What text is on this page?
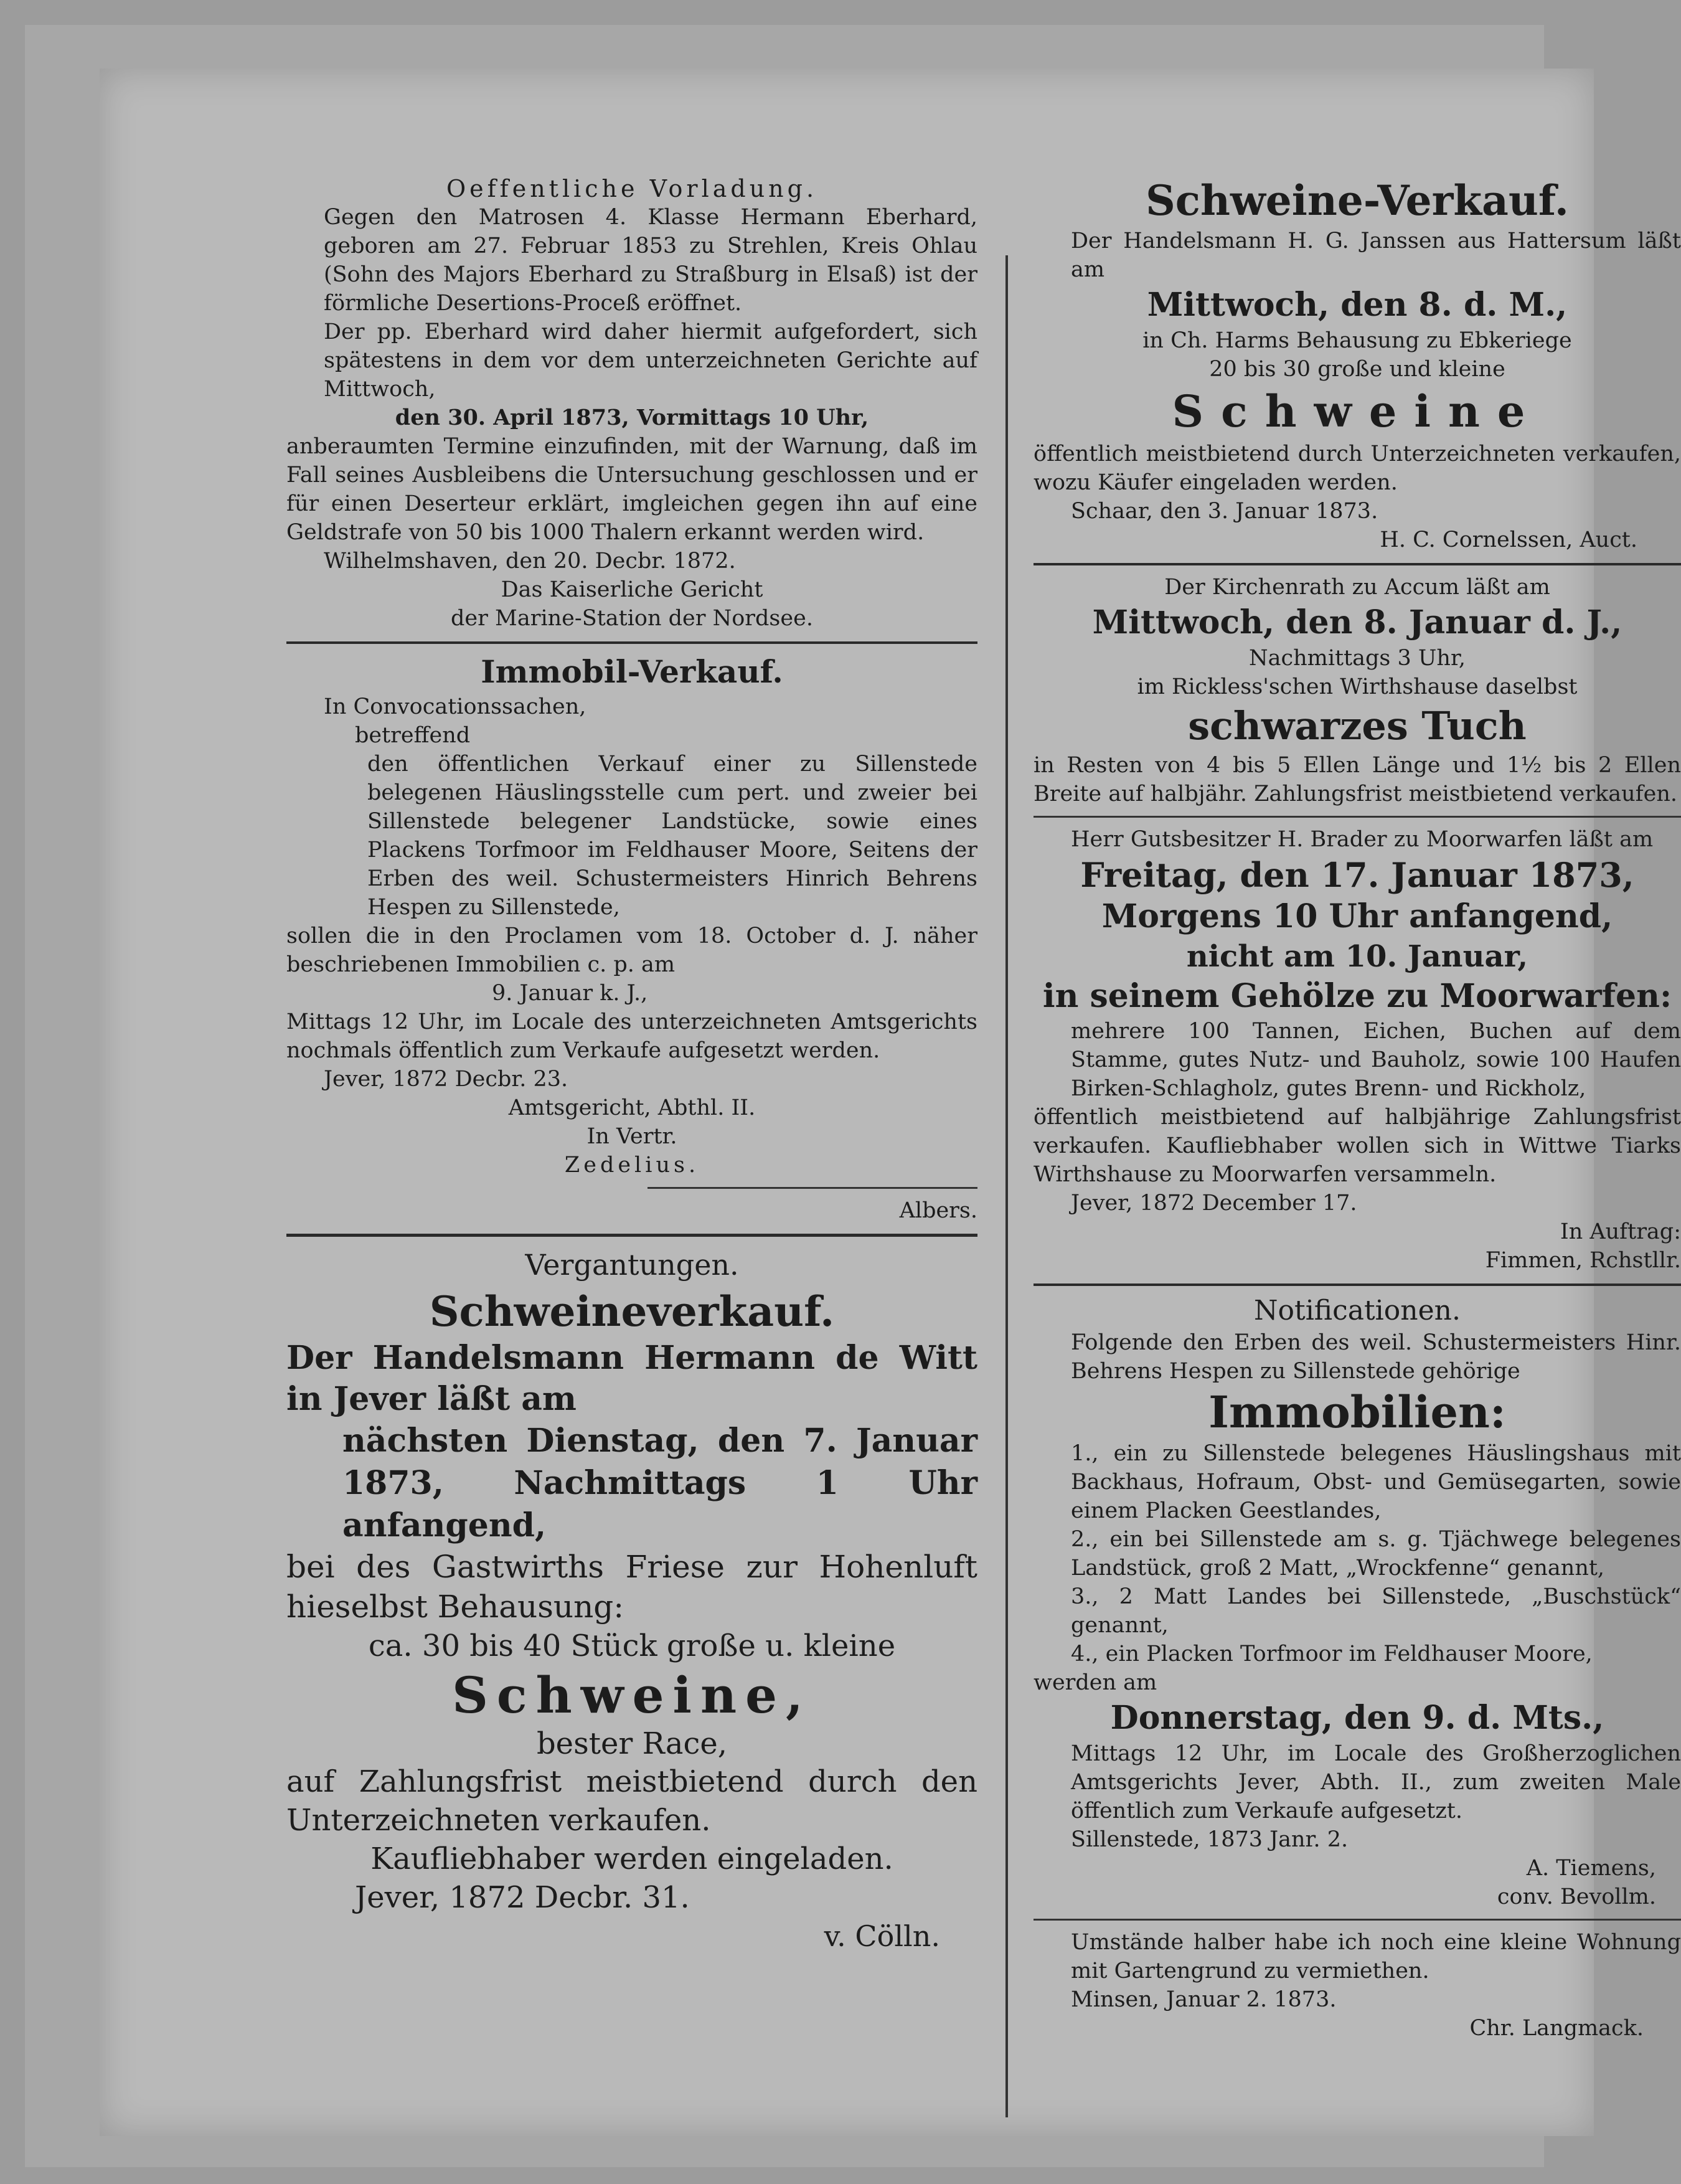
Oeffentliche Vorladung.

Gegen den Matrosen 4. Klasse Hermann Eberhard, geboren am 27. Februar 1853 zu Strehlen, Kreis Ohlau (Sohn des Majors Eberhard zu Straßburg in Elsaß) ist der förmliche Desertions-Proceß eröffnet.

Der pp. Eberhard wird daher hiermit aufgefordert, sich spätestens in dem vor dem unterzeichneten Gerichte auf Mittwoch,

den 30. April 1873, Vormittags 10 Uhr,

anberaumten Termine einzufinden, mit der Warnung, daß im Fall seines Ausbleibens die Untersuchung geschlossen und er für einen Deserteur erklärt, imgleichen gegen ihn auf eine Geldstrafe von 50 bis 1000 Thalern erkannt werden wird.

Wilhelmshaven, den 20. Decbr. 1872.

Das Kaiserliche Gericht

der Marine-Station der Nordsee.

Immobil-Verkauf.

In Convocationssachen,

betreffend

den öffentlichen Verkauf einer zu Sillenstede belegenen Häuslingsstelle cum pert. und zweier bei Sillenstede belegener Landstücke, sowie eines Plackens Torfmoor im Feldhauser Moore, Seitens der Erben des weil. Schustermeisters Hinrich Behrens Hespen zu Sillenstede,

sollen die in den Proclamen vom 18. October d. J. näher beschriebenen Immobilien c. p. am

9. Januar k. J.,

Mittags 12 Uhr, im Locale des unterzeichneten Amtsgerichts nochmals öffentlich zum Verkaufe aufgesetzt werden.

Jever, 1872 Decbr. 23.

Amtsgericht, Abthl. II.

In Vertr.

Zedelius.

Albers.

Vergantungen.

Schweineverkauf.

Der Handelsmann Hermann de Witt in Jever läßt am

nächsten Dienstag, den 7. Januar 1873, Nachmittags 1 Uhr anfangend,

bei des Gastwirths Friese zur Hohenluft hieselbst Behausung:

ca. 30 bis 40 Stück große u. kleine

Schweine,

bester Race,

auf Zahlungsfrist meistbietend durch den Unterzeichneten verkaufen.

Kaufliebhaber werden eingeladen.

Jever, 1872 Decbr. 31.

v. Cölln.

Schweine-Verkauf.

Der Handelsmann H. G. Janssen aus Hattersum läßt am

Mittwoch, den 8. d. M.,

in Ch. Harms Behausung zu Ebkeriege

20 bis 30 große und kleine

Schweine

öffentlich meistbietend durch Unterzeichneten verkaufen, wozu Käufer eingeladen werden.

Schaar, den 3. Januar 1873.

H. C. Cornelssen, Auct.

Der Kirchenrath zu Accum läßt am

Mittwoch, den 8. Januar d. J.,

Nachmittags 3 Uhr,

im Rickless'schen Wirthshause daselbst

schwarzes Tuch

in Resten von 4 bis 5 Ellen Länge und 1½ bis 2 Ellen Breite auf halbjähr. Zahlungsfrist meistbietend verkaufen.

Herr Gutsbesitzer H. Brader zu Moorwarfen läßt am

Freitag, den 17. Januar 1873,

Morgens 10 Uhr anfangend,

nicht am 10. Januar,

in seinem Gehölze zu Moorwarfen:

mehrere 100 Tannen, Eichen, Buchen auf dem Stamme, gutes Nutz- und Bauholz, sowie 100 Haufen Birken-Schlagholz, gutes Brenn- und Rickholz,

öffentlich meistbietend auf halbjährige Zahlungsfrist verkaufen. Kaufliebhaber wollen sich in Wittwe Tiarks Wirthshause zu Moorwarfen versammeln.

Jever, 1872 December 17.

In Auftrag:

Fimmen, Rchstllr.

Notificationen.

Folgende den Erben des weil. Schustermeisters Hinr. Behrens Hespen zu Sillenstede gehörige

Immobilien:

1., ein zu Sillenstede belegenes Häuslingshaus mit Backhaus, Hofraum, Obst- und Gemüsegarten, sowie einem Placken Geestlandes,

2., ein bei Sillenstede am s. g. Tjächwege belegenes Landstück, groß 2 Matt, „Wrockfenne“ genannt,

3., 2 Matt Landes bei Sillenstede, „Buschstück“ genannt,

4., ein Placken Torfmoor im Feldhauser Moore,

werden am

Donnerstag, den 9. d. Mts.,

Mittags 12 Uhr, im Locale des Großherzoglichen Amtsgerichts Jever, Abth. II., zum zweiten Male öffentlich zum Verkaufe aufgesetzt.

Sillenstede, 1873 Janr. 2.

A. Tiemens,

conv. Bevollm.

Umstände halber habe ich noch eine kleine Wohnung mit Gartengrund zu vermiethen.

Minsen, Januar 2. 1873.

Chr. Langmack.
